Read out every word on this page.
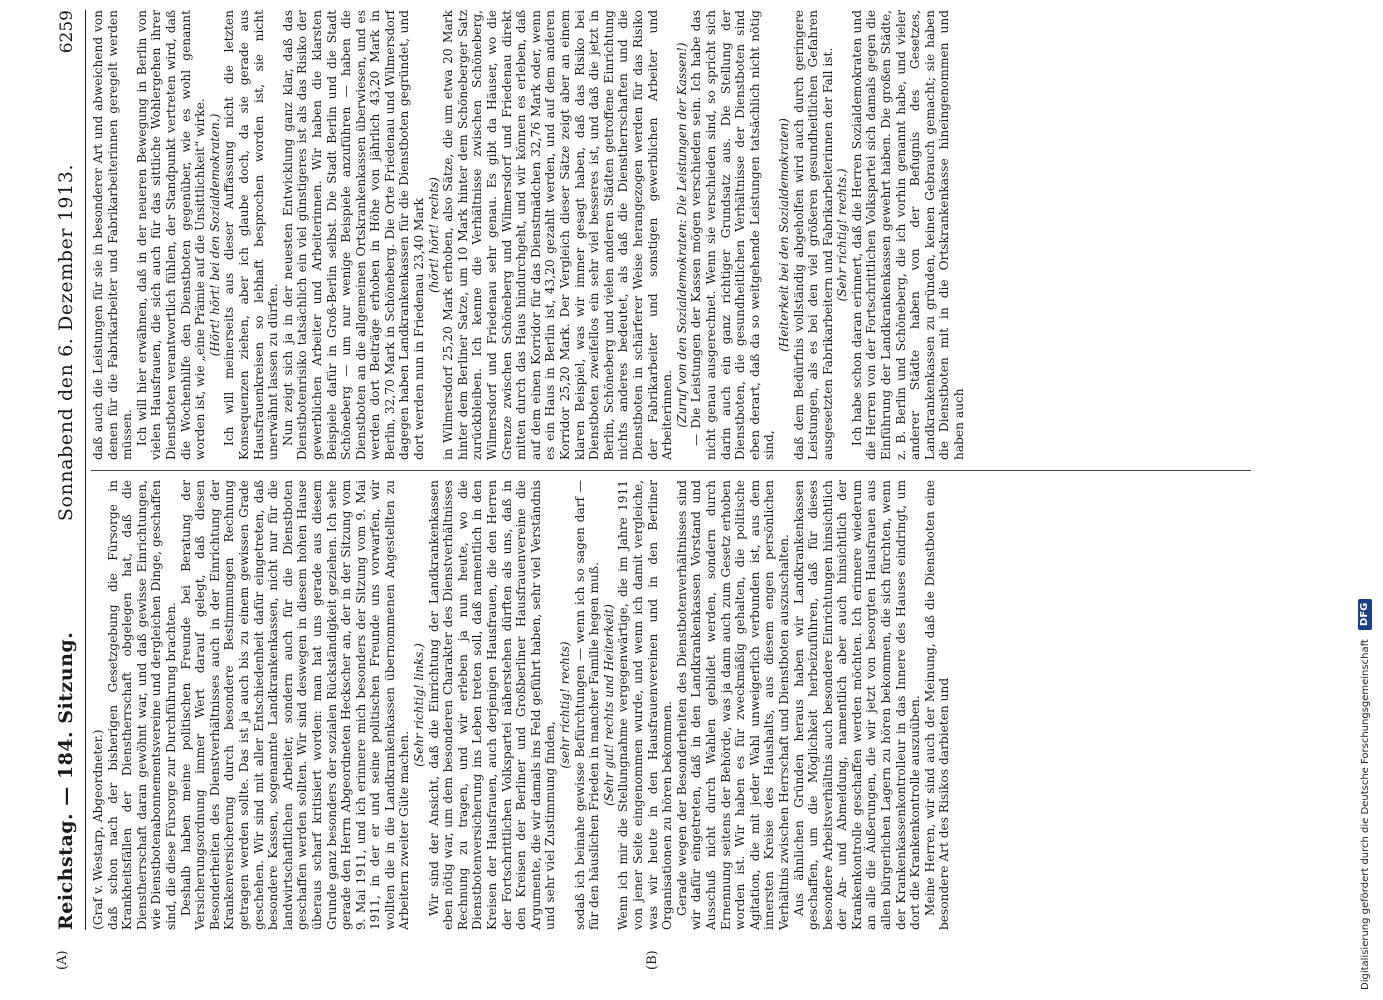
Reichstag. — 184. Sitzung.
Sonnabend den 6. Dezember 1913.
6259
(A)	(B)

(Graf v. Westarp, Abgeordneter.) daß schon nach der bisherigen Gesetzgebung die Fürsorge in Krankheitsfällen der Dienstherrschaft obgelegen hat, daß die Dienstherrschaft daran gewöhnt war, und daß gewisse Einrichtungen, wie Dienstbotenabonnementsvereine und dergleichen Dinge, geschaffen sind, die diese Fürsorge zur Durchführung brachten. Deshalb haben meine politischen Freunde bei Beratung der Versicherungsordnung immer Wert darauf gelegt, daß diesen Besonderheiten des Dienstverhältnisses auch in der Einrichtung der Krankenversicherung durch besondere Bestimmungen Rechnung getragen werden sollte. Das ist ja auch bis zu einem gewissen Grade geschehen. Wir sind mit aller Entschiedenheit dafür eingetreten, daß besondere Kassen, sogenannte Landkrankenkassen, nicht nur für die landwirtschaftlichen Arbeiter, sondern auch für die Dienstboten geschaffen werden sollten. Wir sind deswegen in diesem hohen Hause überaus scharf kritisiert worden: man hat uns gerade aus diesem Grunde ganz besonders der sozialen Rückständigkeit geziehen. Ich sehe gerade den Herrn Abgeordneten Heckscher an, der in der Sitzung vom 9. Mai 1911, und ich erinnere mich besonders der Sitzung vom 9. Mai 1911, in der er und seine politischen Freunde uns vorwarfen, wir wollten die in die Landkrankenkassen übernommenen Angestellten zu Arbeitern zweiter Güte machen.

(Sehr richtig! links.) Wir sind der Ansicht, daß die Einrichtung der Landkrankenkassen eben nötig war, um dem besonderen Charakter des Dienstverhältnisses Rechnung zu tragen, und wir erleben ja nun heute, wo die Dienstbotenversicherung ins Leben treten soll, daß namentlich in den Kreisen der Hausfrauen, auch derjenigen Hausfrauen, die den Herren der Fortschrittlichen Volkspartei näherstehen dürften als uns, daß in den Kreisen der Berliner und Großberliner Hausfrauenvereine die Argumente, die wir damals ins Feld geführt haben, sehr viel Verständnis und sehr viel Zustimmung finden,

(sehr richtig! rechts) sodaß ich beinahe gewisse Befürchtungen — wenn ich so sagen darf — für den häuslichen Frieden in mancher Familie hegen muß. (Sehr gut! rechts und Heiterkeit) Wenn ich mir die Stellungnahme vergegenwärtige, die im Jahre 1911 von jener Seite eingenommen wurde, und wenn ich damit vergleiche, was wir heute in den Hausfrauenvereinen und in den Berliner Organisationen zu hören bekommen. Gerade wegen der Besonderheiten des Dienstbotenverhältnisses sind wir dafür eingetreten, daß in den Landkrankenkassen Vorstand und Ausschuß nicht durch Wahlen gebildet werden, sondern durch Ernennung seitens der Behörde, was ja dann auch zum Gesetz erhoben worden ist. Wir haben es für zweckmäßig gehalten, die politische Agitation, die mit jeder Wahl unweigerlich verbunden ist, aus dem innersten Kreise des Haushalts, aus diesem engen persönlichen Verhältnis zwischen Herrschaft und Dienstboten auszuschalten. Aus ähnlichen Gründen heraus haben wir Landkrankenkassen geschaffen, um die Möglichkeit herbeizuführen, daß für dieses besondere Arbeitsverhältnis auch besondere Einrichtungen hinsichtlich der An- und Abmeldung, namentlich aber auch hinsichtlich der Krankenkontrolle geschaffen werden möchten. Ich erinnere wiederum an alle die Äußerungen, die wir jetzt von besorgten Hausfrauen aus allen bürgerlichen Lagern zu hören bekommen, die sich fürchten, wenn der Krankenkassenkontrolleur in das Innere des Hauses eindringt, um dort die Krankenkontrolle auszuüben. Meine Herren, wir sind auch der Meinung, daß die Dienstboten eine besondere Art des Risikos darbieten und

daß auch die Leistungen für sie in besonderer Art und abweichend von denen für die Fabrikarbeiter und Fabrikarbeiterinnen geregelt werden müssen. Ich will hier erwähnen, daß in der neueren Bewegung in Berlin von vielen Hausfrauen, die sich auch für das sittliche Wohlergehen ihrer Dienstboten verantwortlich fühlen, der Standpunkt vertreten wird, daß die Wochenhilfe den Dienstboten gegenüber, wie es wohl genannt worden ist, wie „eine Prämie auf die Unsittlichkeit“ wirke. (Hört! hört! bei den Sozialdemokraten.) Ich will meinerseits aus dieser Auffassung nicht die letzten Konsequenzen ziehen, aber ich glaube doch, da sie gerade aus Hausfrauenkreisen so lebhaft besprochen worden ist, sie nicht unerwähnt lassen zu dürfen. Nun zeigt sich ja in der neuesten Entwicklung ganz klar, daß das Dienstbotenrisiko tatsächlich ein viel günstigeres ist als das Risiko der gewerblichen Arbeiter und Arbeiterinnen. Wir haben die klarsten Beispiele dafür in Groß-Berlin selbst. Die Stadt Berlin und die Stadt Schöneberg — um nur wenige Beispiele anzuführen — haben die Dienstboten an die allgemeinen Ortskrankenkassen überwiesen, und es werden dort Beiträge erhoben in Höhe von jährlich 43,20 Mark in Berlin, 32,70 Mark in Schöneberg. Die Orte Friedenau und Wilmersdorf dagegen haben Landkrankenkassen für die Dienstboten gegründet, und dort werden nun in Friedenau 23,40 Mark (hört! hört! rechts) in Wilmersdorf 25,20 Mark erhoben, also Sätze, die um etwa 20 Mark hinter dem Berliner Satze, um 10 Mark hinter dem Schöneberger Satz zurückbleiben. Ich kenne die Verhältnisse zwischen Schöneberg, Wilmersdorf und Friedenau sehr genau. Es gibt da Häuser, wo die Grenze zwischen Schöneberg und Wilmersdorf und Friedenau direkt mitten durch das Haus hindurchgeht, und wir können es erleben, daß auf dem einen Korridor für das Dienstmädchen 32,76 Mark oder, wenn es ein Haus in Berlin ist, 43,20 gezahlt werden, und auf dem anderen Korridor 25,20 Mark. Der Vergleich dieser Sätze zeigt aber an einem klaren Beispiel, was wir immer gesagt haben, daß das Risiko bei Dienstboten zweifellos ein sehr viel besseres ist, und daß die jetzt in Berlin, Schöneberg und vielen anderen Städten getroffene Einrichtung nichts anderes bedeutet, als daß die Dienstherrschaften und die Dienstboten in schärferer Weise herangezogen werden für das Risiko der Fabrikarbeiter und sonstigen gewerblichen Arbeiter und Arbeiterinnen. (Zuruf von den Sozialdemokraten: Die Leistungen der Kassen!) — Die Leistungen der Kassen mögen verschieden sein. Ich habe das nicht genau ausgerechnet. Wenn sie verschieden sind, so spricht sich darin auch ein ganz richtiger Grundsatz aus. Die Stellung der Dienstboten, die gesundheitlichen Verhältnisse der Dienstboten sind eben derart, daß da so weitgehende Leistungen tatsächlich nicht nötig sind,

(Heiterkeit bei den Sozialdemokraten) daß dem Bedürfnis vollständig abgeholfen wird auch durch geringere Leistungen, als es bei den viel größeren gesundheitlichen Gefahren ausgesetzten Fabrikarbeitern und Fabrikarbeiterinnen der Fall ist. (Sehr richtig! rechts.) Ich habe schon daran erinnert, daß die Herren Sozialdemokraten und die Herren von der Fortschrittlichen Volkspartei sich damals gegen die Einführung der Landkrankenkassen gewehrt haben. Die großen Städte, z. B. Berlin und Schöneberg, die ich vorhin genannt habe, und vieler anderer Städte haben von der Befugnis des Gesetzes, Landkrankenkassen zu gründen, keinen Gebrauch gemacht; sie haben die Dienstboten mit in die Ortskrankenkasse hineingenommen und haben auch

Digitalisierung gefördert durch die Deutsche Forschungsgemeinschaft DFG
